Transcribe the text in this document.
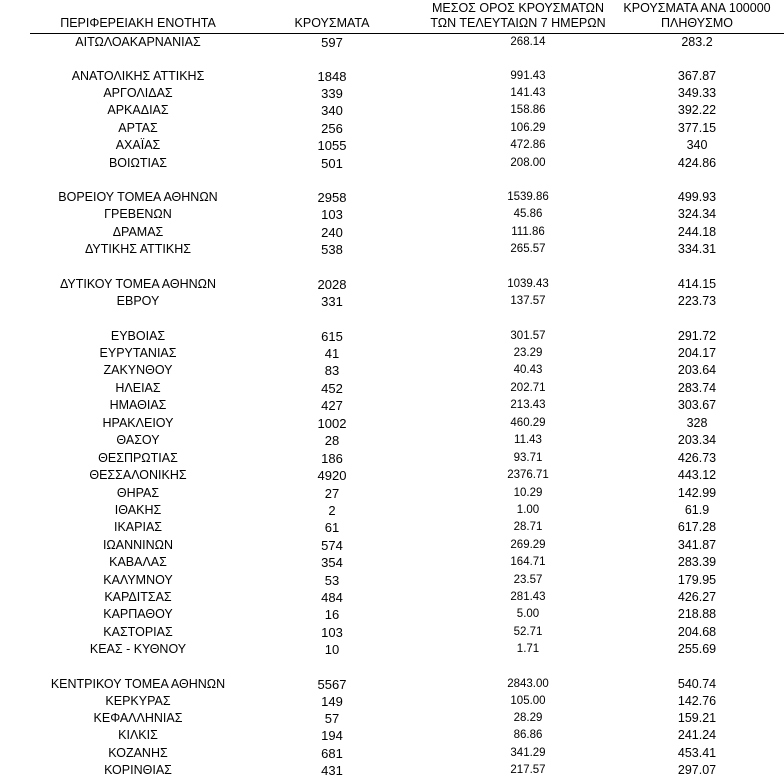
ΠΕΡΙΦΕΡΕΙΑΚΗ ΕΝΟΤΗΤΑ	ΚΡΟΥΣΜΑΤΑ
ΜΕΣΟΣ ΟΡΟΣ ΚΡΟΥΣΜΑΤΩΝ
ΤΩΝ ΤΕΛΕΥΤΑΙΩΝ 7 ΗΜΕΡΩΝ
ΚΡΟΥΣΜΑΤΑ ΑΝΑ 100000
ΠΛΗΘΥΣΜΟ
ΑΙΤΩΛΟΑΚΑΡΝΑΝΙΑΣ	597	268.14	283.2
ΑΝΑΤΟΛΙΚΗΣ ΑΤΤΙΚΗΣ	1848	991.43	367.87
ΑΡΓΟΛΙΔΑΣ	339	141.43	349.33
ΑΡΚΑΔΙΑΣ	340	158.86	392.22
ΑΡΤΑΣ	256	106.29	377.15
ΑΧΑΪΑΣ	1055	472.86	340
ΒΟΙΩΤΙΑΣ	501	208.00	424.86
ΒΟΡΕΙΟΥ ΤΟΜΕΑ ΑΘΗΝΩΝ	2958	1539.86	499.93
ΓΡΕΒΕΝΩΝ	103	45.86	324.34
ΔΡΑΜΑΣ	240	111.86	244.18
ΔΥΤΙΚΗΣ ΑΤΤΙΚΗΣ	538	265.57	334.31
ΔΥΤΙΚΟΥ ΤΟΜΕΑ ΑΘΗΝΩΝ	2028	1039.43	414.15
ΕΒΡΟΥ	331	137.57	223.73
ΕΥΒΟΙΑΣ	615	301.57	291.72
ΕΥΡΥΤΑΝΙΑΣ	41	23.29	204.17
ΖΑΚΥΝΘΟΥ	83	40.43	203.64
ΗΛΕΙΑΣ	452	202.71	283.74
ΗΜΑΘΙΑΣ	427	213.43	303.67
ΗΡΑΚΛΕΙΟΥ	1002	460.29	328
ΘΑΣΟΥ	28	11.43	203.34
ΘΕΣΠΡΩΤΙΑΣ	186	93.71	426.73
ΘΕΣΣΑΛΟΝΙΚΗΣ	4920	2376.71	443.12
ΘΗΡΑΣ	27	10.29	142.99
ΙΘΑΚΗΣ	2	1.00	61.9
ΙΚΑΡΙΑΣ	61	28.71	617.28
ΙΩΑΝΝΙΝΩΝ	574	269.29	341.87
ΚΑΒΑΛΑΣ	354	164.71	283.39
ΚΑΛΥΜΝΟΥ	53	23.57	179.95
ΚΑΡΔΙΤΣΑΣ	484	281.43	426.27
ΚΑΡΠΑΘΟΥ	16	5.00	218.88
ΚΑΣΤΟΡΙΑΣ	103	52.71	204.68
ΚΕΑΣ - ΚΥΘΝΟΥ	10	1.71	255.69
ΚΕΝΤΡΙΚΟΥ ΤΟΜΕΑ ΑΘΗΝΩΝ	5567	2843.00	540.74
ΚΕΡΚΥΡΑΣ	149	105.00	142.76
ΚΕΦΑΛΛΗΝΙΑΣ	57	28.29	159.21
ΚΙΛΚΙΣ	194	86.86	241.24
ΚΟΖΑΝΗΣ	681	341.29	453.41
ΚΟΡΙΝΘΙΑΣ	431	217.57	297.07
